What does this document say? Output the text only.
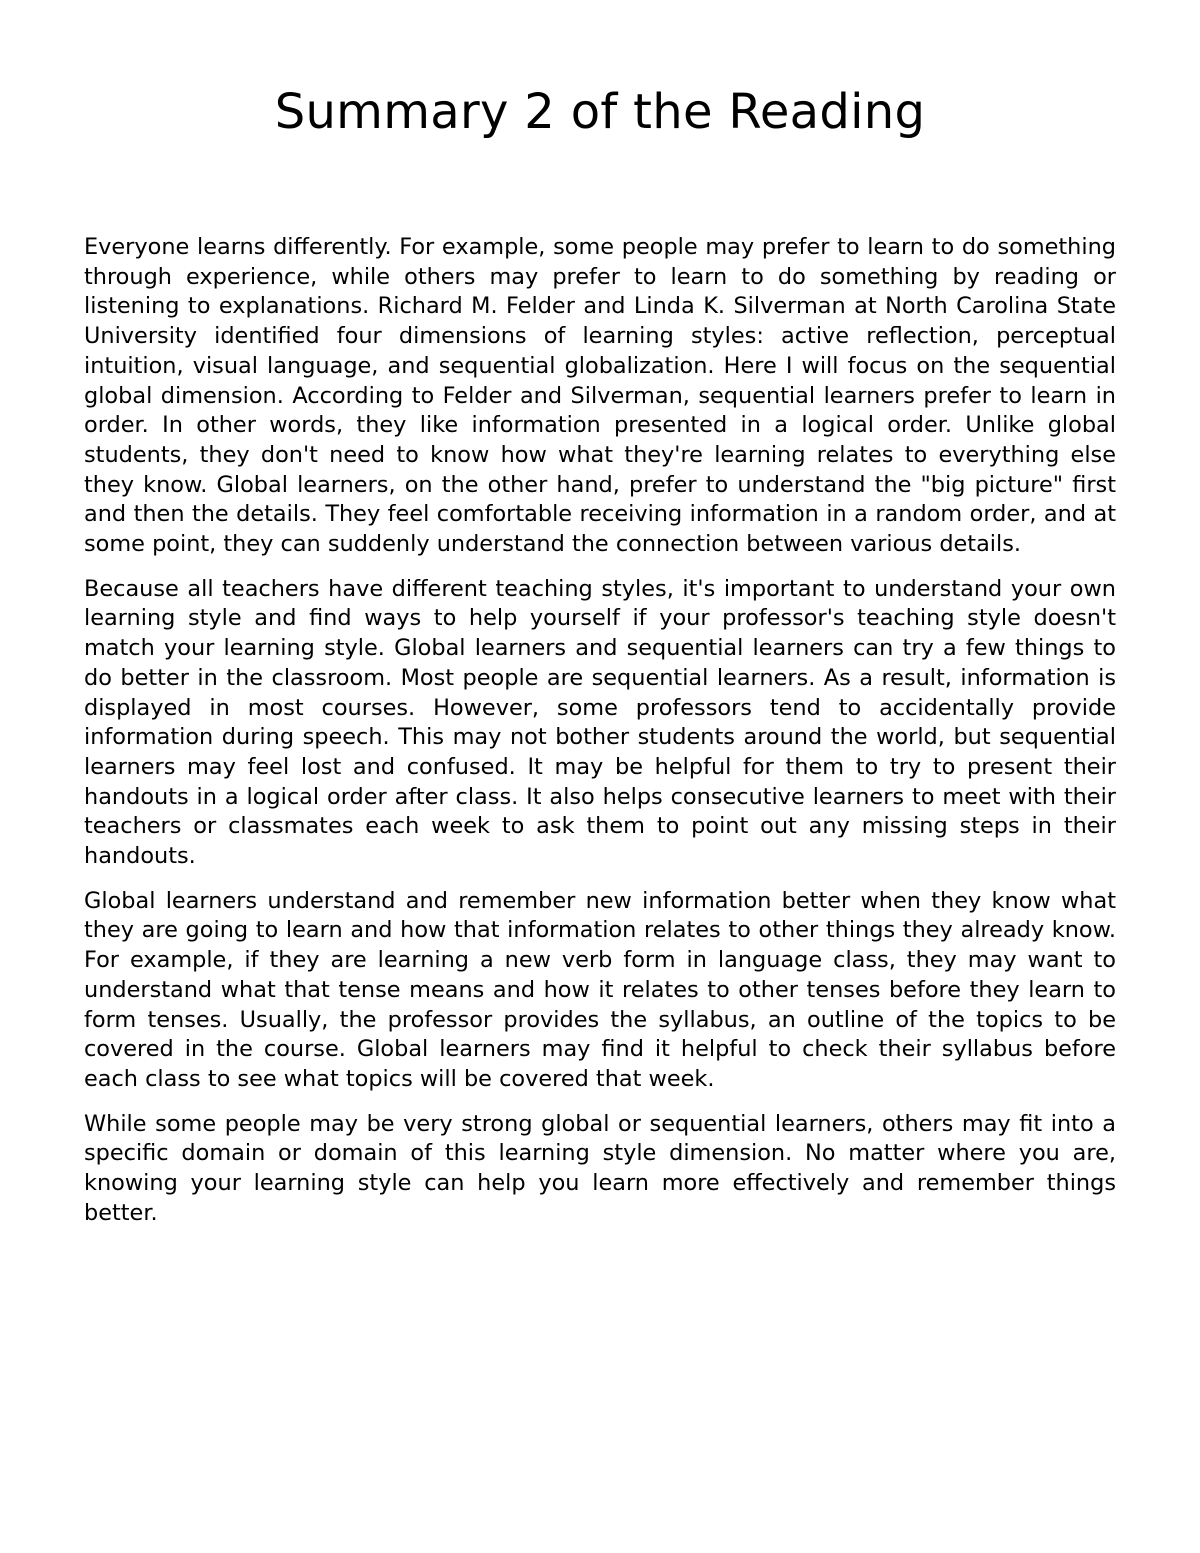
Summary 2 of the Reading

Everyone learns differently. For example, some people may prefer to learn to do something through experience, while others may prefer to learn to do something by reading or listening to explanations. Richard M. Felder and Linda K. Silverman at North Carolina State University identified four dimensions of learning styles: active reflection, perceptual intuition, visual language, and sequential globalization. Here I will focus on the sequential global dimension. According to Felder and Silverman, sequential learners prefer to learn in order. In other words, they like information presented in a logical order. Unlike global students, they don't need to know how what they're learning relates to everything else they know. Global learners, on the other hand, prefer to understand the "big picture" first and then the details. They feel comfortable receiving information in a random order, and at some point, they can suddenly understand the connection between various details.

Because all teachers have different teaching styles, it's important to understand your own learning style and find ways to help yourself if your professor's teaching style doesn't match your learning style. Global learners and sequential learners can try a few things to do better in the classroom. Most people are sequential learners. As a result, information is displayed in most courses. However, some professors tend to accidentally provide information during speech. This may not bother students around the world, but sequential learners may feel lost and confused. It may be helpful for them to try to present their handouts in a logical order after class. It also helps consecutive learners to meet with their teachers or classmates each week to ask them to point out any missing steps in their handouts.

Global learners understand and remember new information better when they know what they are going to learn and how that information relates to other things they already know. For example, if they are learning a new verb form in language class, they may want to understand what that tense means and how it relates to other tenses before they learn to form tenses. Usually, the professor provides the syllabus, an outline of the topics to be covered in the course. Global learners may find it helpful to check their syllabus before each class to see what topics will be covered that week.

While some people may be very strong global or sequential learners, others may fit into a specific domain or domain of this learning style dimension. No matter where you are, knowing your learning style can help you learn more effectively and remember things better.
